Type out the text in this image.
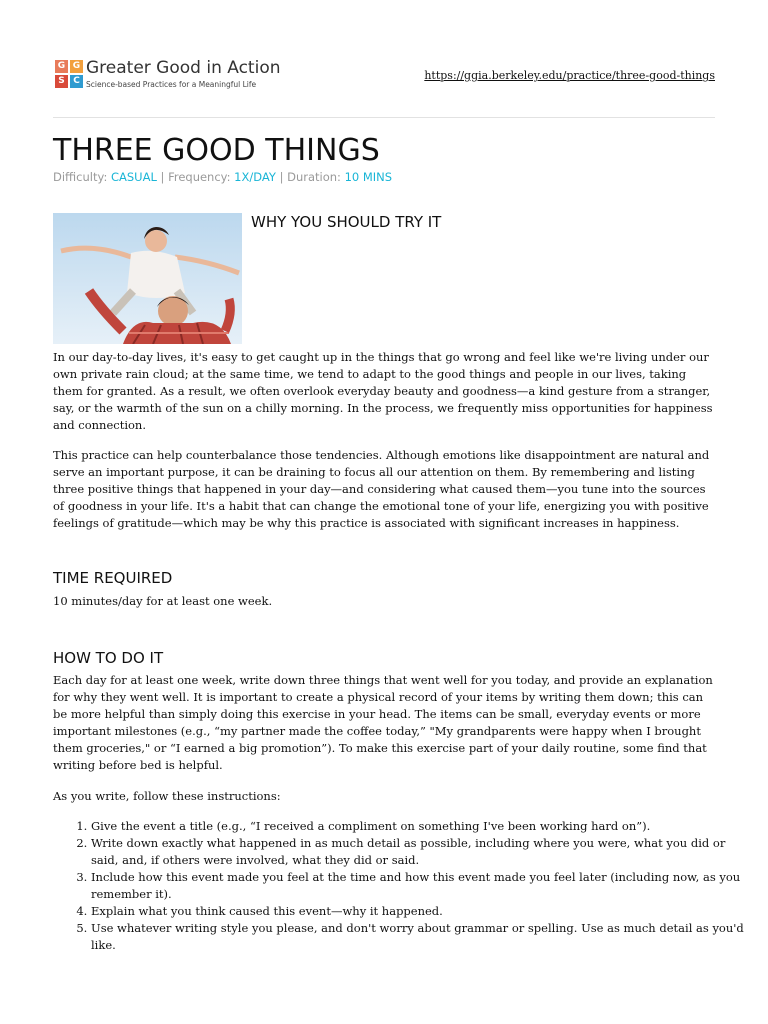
G G
S C
Greater Good in Action
Science-based Practices for a Meaningful Life
https://ggia.berkeley.edu/practice/three-good-things
THREE GOOD THINGS
Difficulty: CASUAL | Frequency: 1X/DAY | Duration: 10 MINS
WHY YOU SHOULD TRY IT

In our day-to-day lives, it's easy to get caught up in the things that go wrong and feel like we're living under our own private rain cloud; at the same time, we tend to adapt to the good things and people in our lives, taking them for granted. As a result, we often overlook everyday beauty and goodness—a kind gesture from a stranger, say, or the warmth of the sun on a chilly morning. In the process, we frequently miss opportunities for happiness and connection.

This practice can help counterbalance those tendencies. Although emotions like disappointment are natural and serve an important purpose, it can be draining to focus all our attention on them. By remembering and listing three positive things that happened in your day—and considering what caused them—you tune into the sources of goodness in your life. It's a habit that can change the emotional tone of your life, energizing you with positive feelings of gratitude—which may be why this practice is associated with significant increases in happiness.

TIME REQUIRED

10 minutes/day for at least one week.

HOW TO DO IT

Each day for at least one week, write down three things that went well for you today, and provide an explanation for why they went well. It is important to create a physical record of your items by writing them down; this can be more helpful than simply doing this exercise in your head. The items can be small, everyday events or more important milestones (e.g., “my partner made the coffee today,” "My grandparents were happy when I brought them groceries," or “I earned a big promotion”). To make this exercise part of your daily routine, some find that writing before bed is helpful.

As you write, follow these instructions:

1. Give the event a title (e.g., “I received a compliment on something I've been working hard on”).
2. Write down exactly what happened in as much detail as possible, including where you were, what you did or said, and, if others were involved, what they did or said.
3. Include how this event made you feel at the time and how this event made you feel later (including now, as you remember it).
4. Explain what you think caused this event—why it happened.
5. Use whatever writing style you please, and don't worry about grammar or spelling. Use as much detail as you'd like.
